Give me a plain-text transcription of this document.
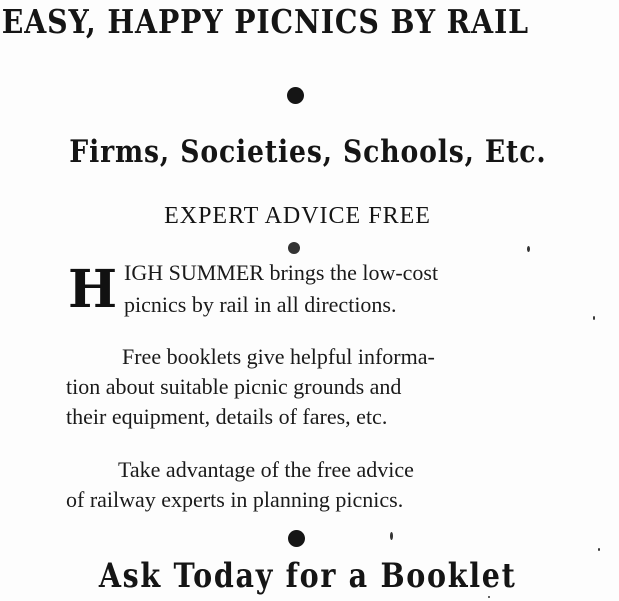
EASY, HAPPY PICNICS BY RAIL
Firms, Societies, Schools, Etc.

EXPERT ADVICE FREE

H IGH SUMMER brings the low-cost

picnics by rail in all directions.

Free booklets give helpful informa-

tion about suitable picnic grounds and

their equipment, details of fares, etc.

Take advantage of the free advice

of railway experts in planning picnics.

Ask Today for a Booklet
